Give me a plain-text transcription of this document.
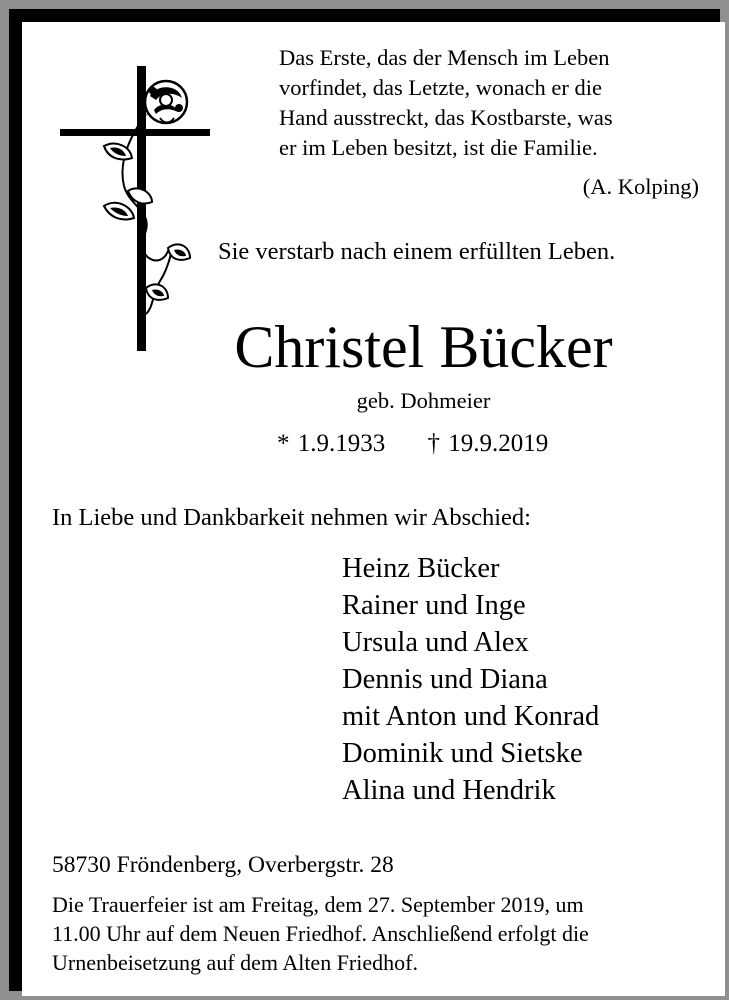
Das Erste, das der Mensch im Leben
vorfindet, das Letzte, wonach er die
Hand ausstreckt, das Kostbarste, was
er im Leben besitzt, ist die Familie.
(A. Kolping)
Sie verstarb nach einem erfüllten Leben.
Christel Bücker
geb. Dohmeier
* 1.9.1933 † 19.9.2019
In Liebe und Dankbarkeit nehmen wir Abschied:
Heinz Bücker
Rainer und Inge
Ursula und Alex
Dennis und Diana
mit Anton und Konrad
Dominik und Sietske
Alina und Hendrik
58730 Fröndenberg, Overbergstr. 28
Die Trauerfeier ist am Freitag, dem 27. September 2019, um
11.00 Uhr auf dem Neuen Friedhof. Anschließend erfolgt die
Urnenbeisetzung auf dem Alten Friedhof.
